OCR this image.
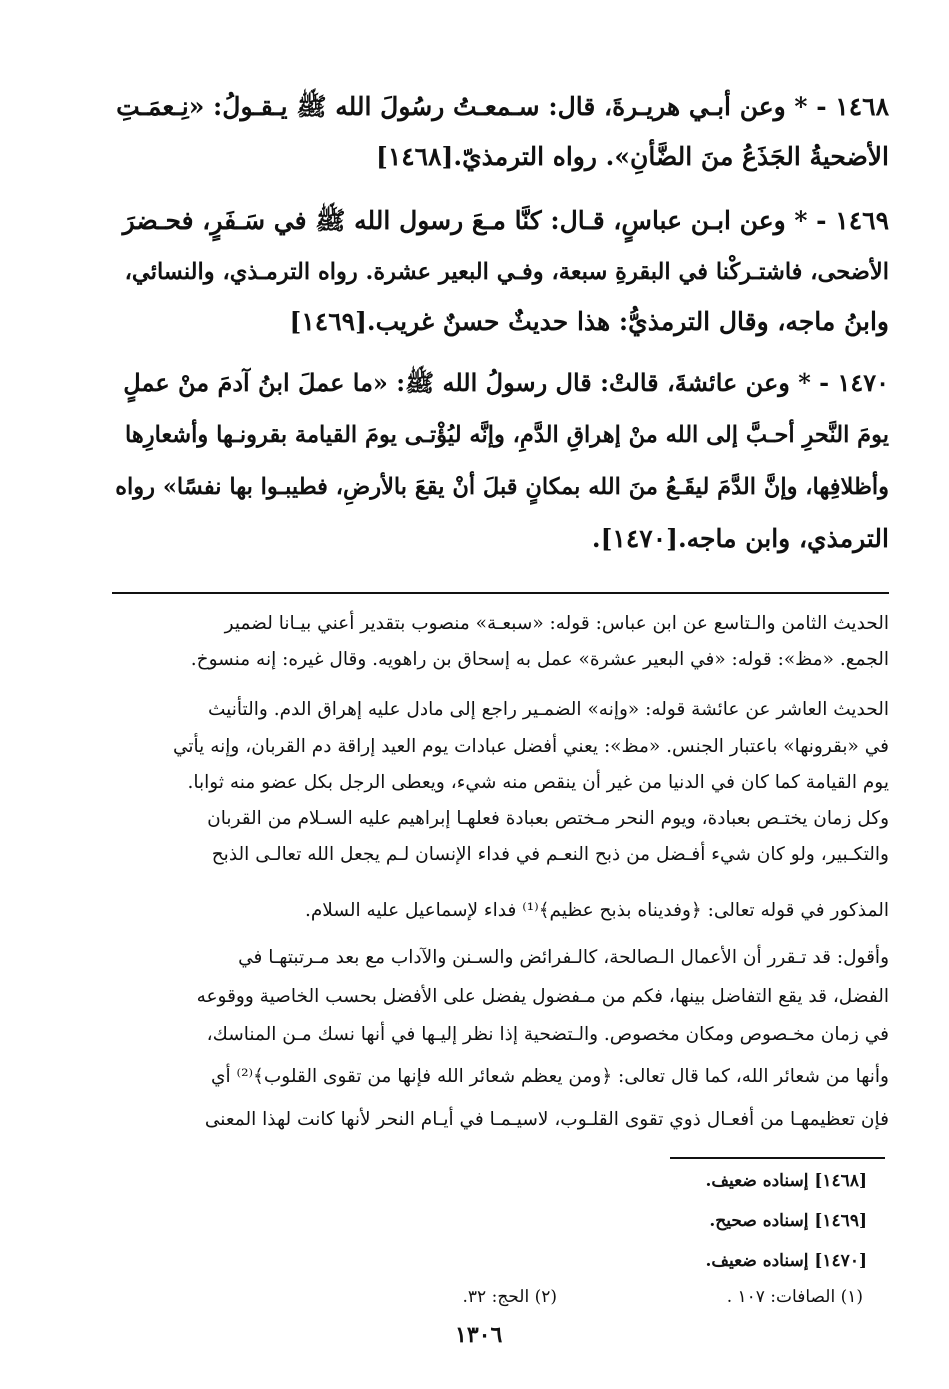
١٤٦٨ - * وعن أبـي هريـرةَ، قال: سـمعـتُ رسُولَ الله ﷺ يـقـولُ: «نِـعمَـتِ
الأضحيةُ الجَذَعُ منَ الضَّأنِ». رواه الترمذيّ.[١٤٦٨]
١٤٦٩ - * وعن ابـن عباسٍ، قـال: كنَّا مـعَ رسول الله ﷺ في سَـفَرٍ، فحـضرَ
الأضحى، فاشتـركْنا في البقرةِ سبعة، وفـي البعير عشرة. رواه الترمـذي، والنسائي،
وابنُ ماجه، وقال الترمذيُّ: هذا حديثٌ حسنٌ غريب.[١٤٦٩]
١٤٧٠ - * وعن عائشةَ، قالتْ: قال رسولُ الله ﷺ: «ما عملَ ابنُ آدمَ منْ عملٍ
يومَ النَّحرِ أحـبَّ إلى الله منْ إهراقِ الدَّمِ، وإنَّه ليُؤْتـى يومَ القيامة بقرونـها وأشعارِها
وأظلافِها، وإنَّ الدَّمَ ليقَـعُ منَ الله بمكانٍ قبلَ أنْ يقعَ بالأرضِ، فطيبـوا بها نفسًا» رواه
الترمذي، وابن ماجه.[١٤٧٠].
الحديث الثامن والـتاسع عن ابن عباس: قوله: «سبعـة» منصوب بتقدير أعني بيـانا لضمير
الجمع. «مظ»: قوله: «في البعير عشرة» عمل به إسحاق بن راهويه. وقال غيره: إنه منسوخ.
الحديث العاشر عن عائشة قوله: «وإنه» الضمـير راجع إلى مادل عليه إهراق الدم. والتأنيث
في «بقرونها» باعتبار الجنس. «مظ»: يعني أفضل عبادات يوم العيد إراقة دم القربان، وإنه يأتي
يوم القيامة كما كان في الدنيا من غير أن ينقص منه شيء، ويعطى الرجل بكل عضو منه ثوابا.
وكل زمان يختـص بعبادة، ويوم النحر مـختص بعبادة فعلهـا إبراهيم عليه السـلام من القربان
والتكـبير، ولو كان شيء أفـضل من ذبح النعـم في فداء الإنسان لـم يجعل الله تعالـى الذبح
المذكور في قوله تعالى: ﴿وفديناه بذبح عظيم﴾⁽¹⁾ فداء لإسماعيل عليه السلام.
وأقول: قد تـقرر أن الأعمال الـصالحة، كالـفرائض والسـنن والآداب مع بعد مـرتبتهـا في
الفضل، قد يقع التفاضل بينها، فكم من مـفضول يفضل على الأفضل بحسب الخاصية ووقوعه
في زمان مخـصوص ومكان مخصوص. والـتضحية إذا نظر إليـها في أنها نسك مـن المناسك،
وأنها من شعائر الله، كما قال تعالى: ﴿ومن يعظم شعائر الله فإنها من تقوى القلوب﴾⁽²⁾ أي
فإن تعظيمهـا من أفعـال ذوي تقوى القلـوب، لاسيـمـا في أيـام النحر لأنها كانت لهذا المعنى
[١٤٦٨] إسناده ضعيف.
[١٤٦٩] إسناده صحيح.
[١٤٧٠] إسناده ضعيف.
(١) الصافات: ١٠٧ .
(٢) الحج: ٣٢.
١٣٠٦
